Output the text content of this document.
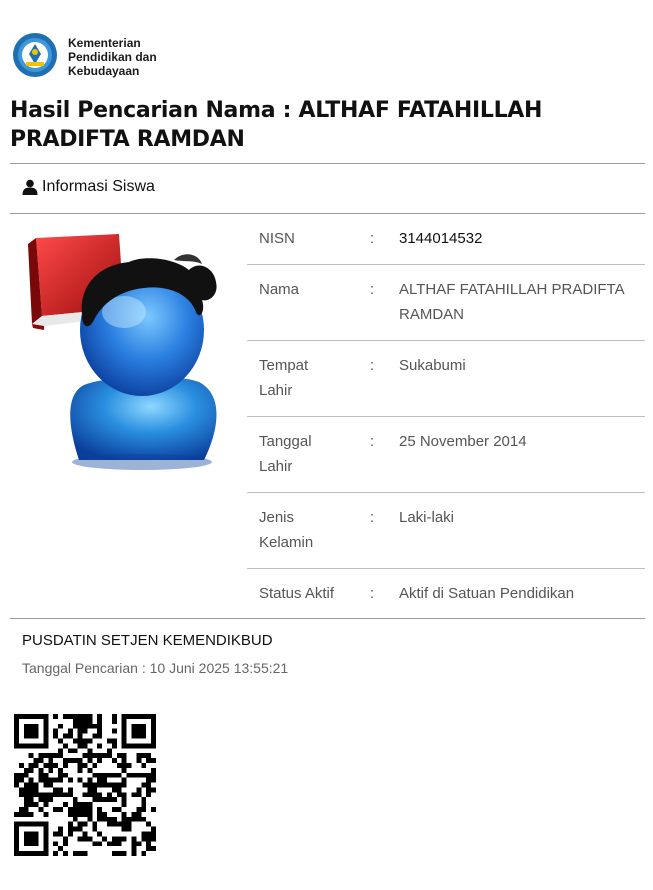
Kementerian
Pendidikan dan
Kebudayaan
Hasil Pencarian Nama : ALTHAF FATAHILLAH PRADIFTA RAMDAN
Informasi Siswa
NISN	: 3144014532
Nama	: ALTHAF FATAHILLAH PRADIFTA RAMDAN
Tempat Lahir
: Sukabumi
Tanggal Lahir
: 25 November 2014
Jenis Kelamin
: Laki-laki
Status Aktif	: Aktif di Satuan Pendidikan
PUSDATIN SETJEN KEMENDIKBUD
Tanggal Pencarian : 10 Juni 2025 13:55:21
